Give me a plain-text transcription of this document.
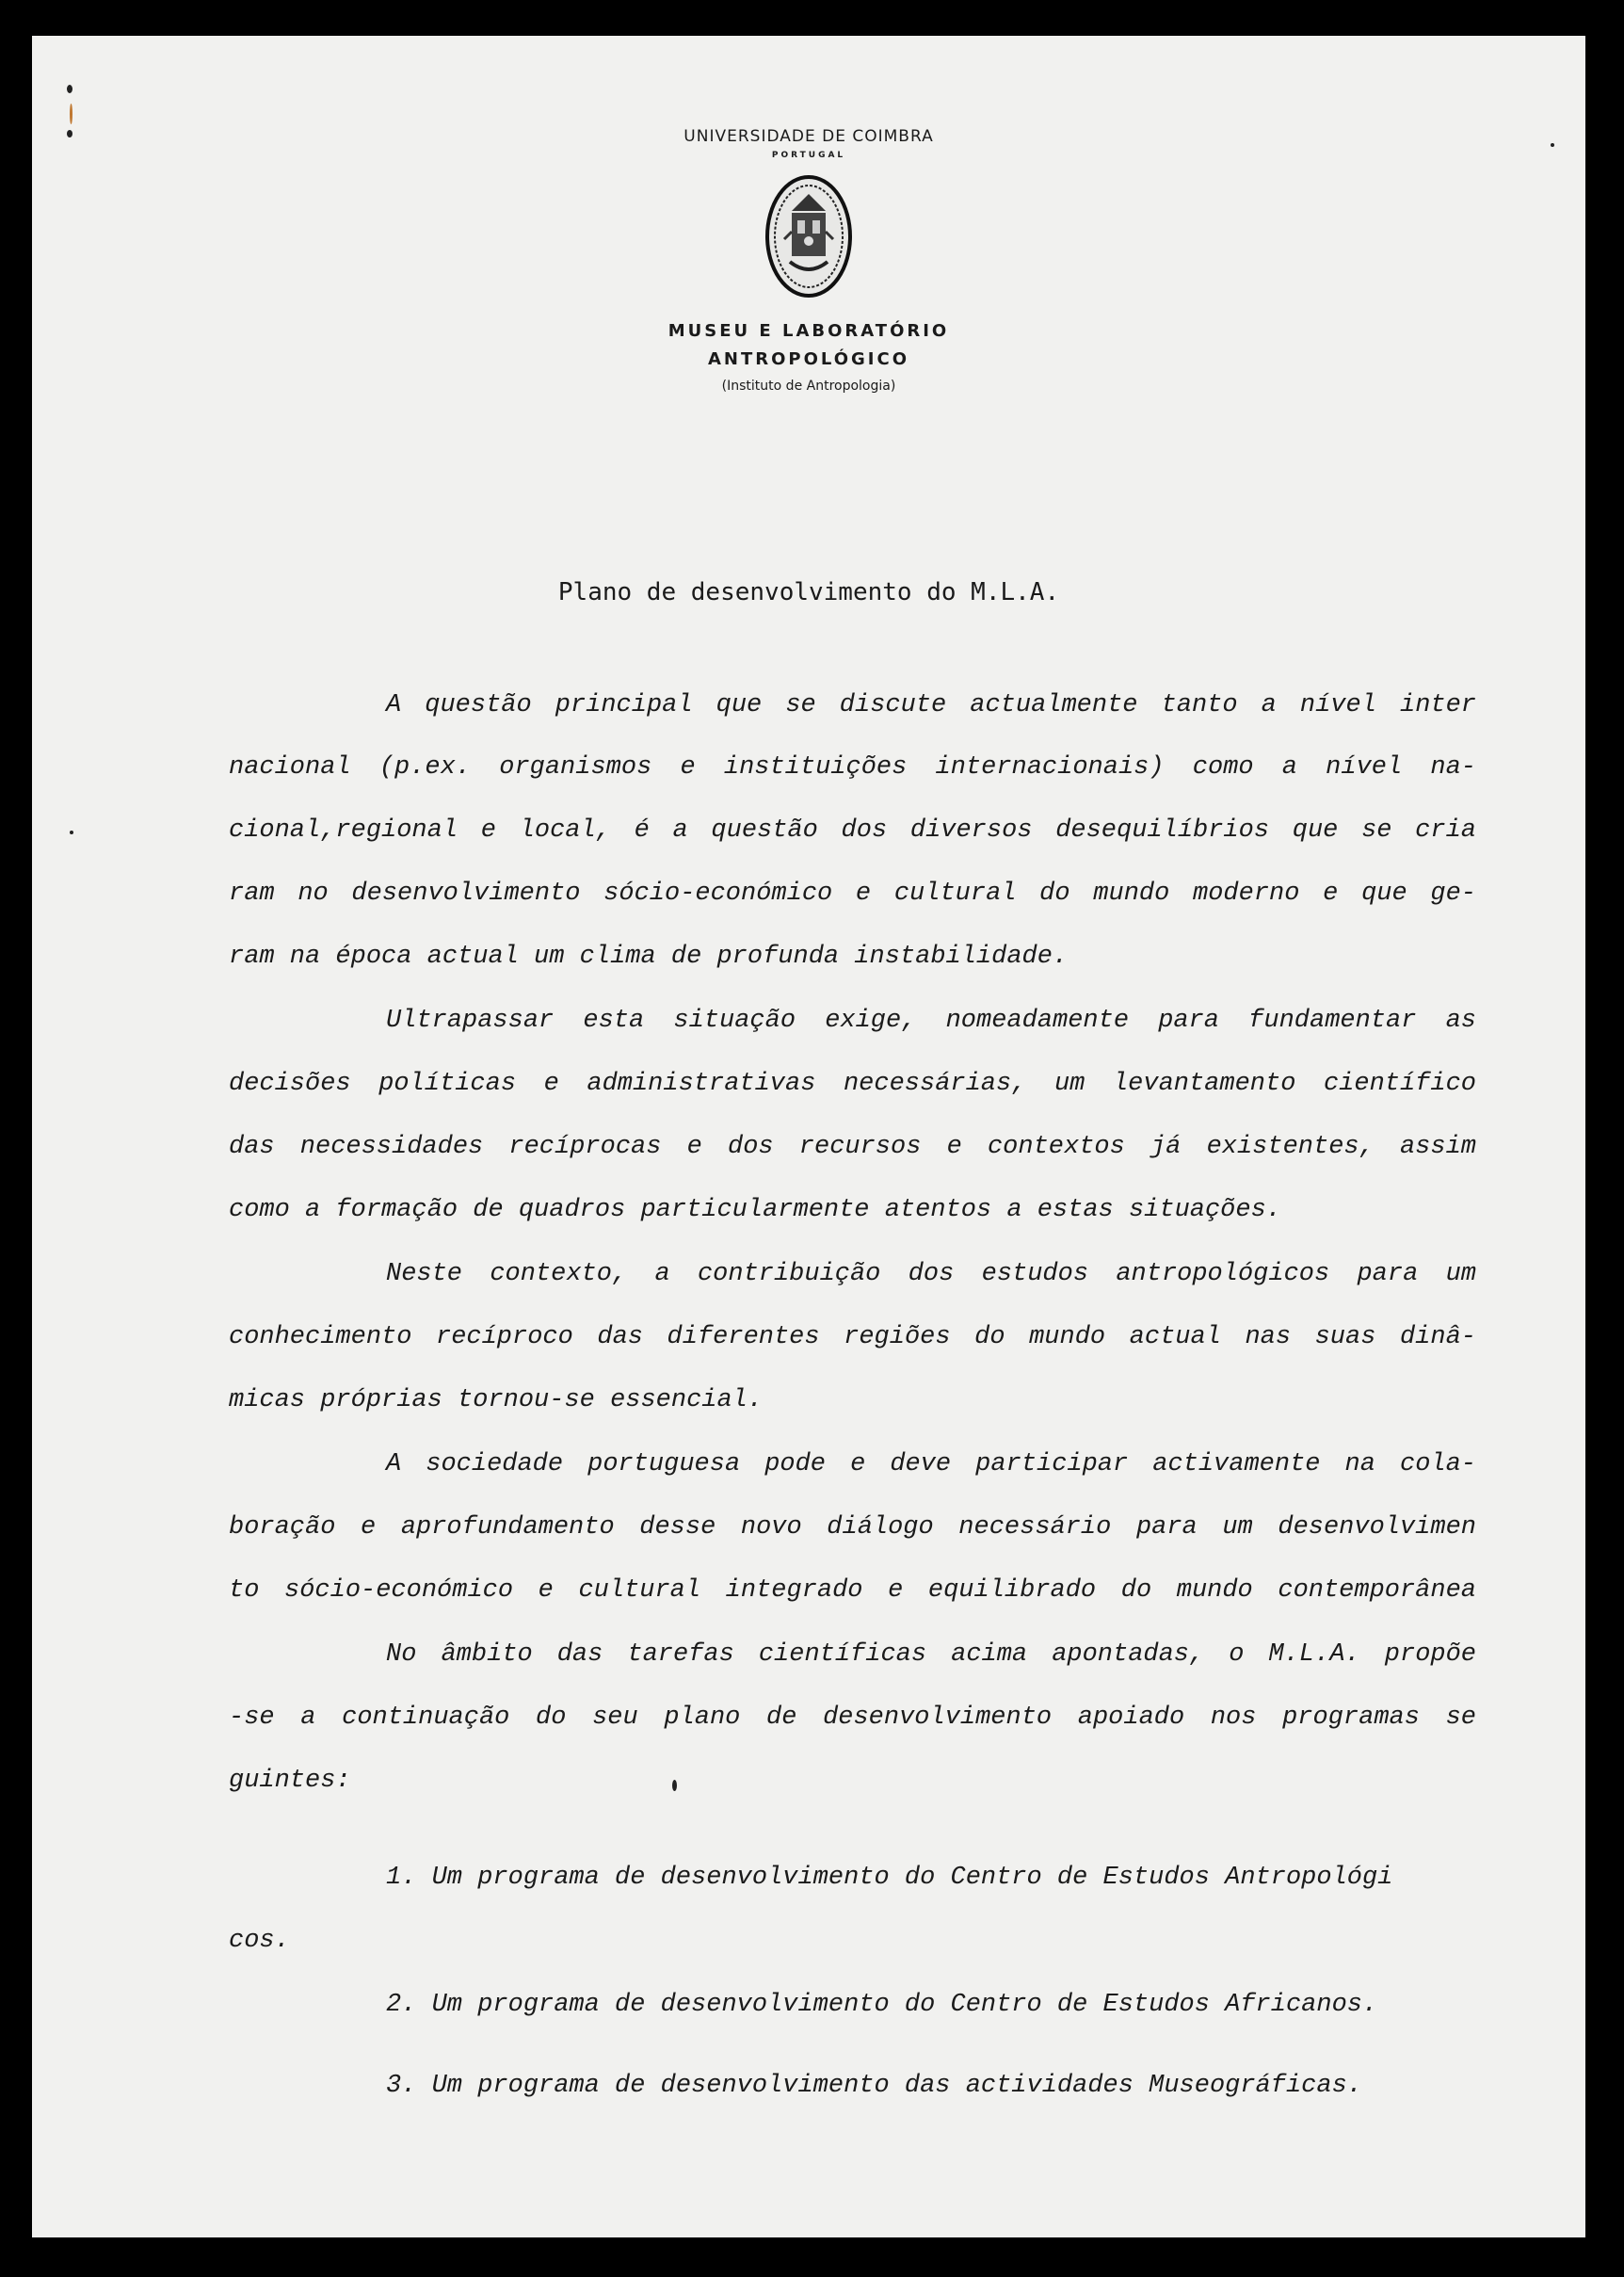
UNIVERSIDADE DE COIMBRA
PORTUGAL
MUSEU E LABORATÓRIO
ANTROPOLÓGICO
(Instituto de Antropologia)
Plano de desenvolvimento do M.L.A.
A questão principal que se discute actualmente tanto a nível inter
nacional (p.ex. organismos e instituições internacionais) como a nível na-
cional,regional e local, é a questão dos diversos desequilíbrios que se cria
ram no desenvolvimento sócio-económico e cultural do mundo moderno e que ge-
ram na época actual um clima de profunda instabilidade.
Ultrapassar esta situação exige, nomeadamente para fundamentar as
decisões políticas e administrativas necessárias, um levantamento científico
das necessidades recíprocas e dos recursos e contextos já existentes, assim
como a formação de quadros particularmente atentos a estas situações.
Neste contexto, a contribuição dos estudos antropológicos para um
conhecimento recíproco das diferentes regiões do mundo actual nas suas dinâ-
micas próprias tornou-se essencial.
A sociedade portuguesa pode e deve participar activamente na cola-
boração e aprofundamento desse novo diálogo necessário para um desenvolvimen
to sócio-económico e cultural integrado e equilibrado do mundo contemporânea
No âmbito das tarefas científicas acima apontadas, o M.L.A. propõe
-se a continuação do seu plano de desenvolvimento apoiado nos programas se
guintes:
1. Um programa de desenvolvimento do Centro de Estudos Antropológi
cos.
2. Um programa de desenvolvimento do Centro de Estudos Africanos.
3. Um programa de desenvolvimento das actividades Museográficas.
